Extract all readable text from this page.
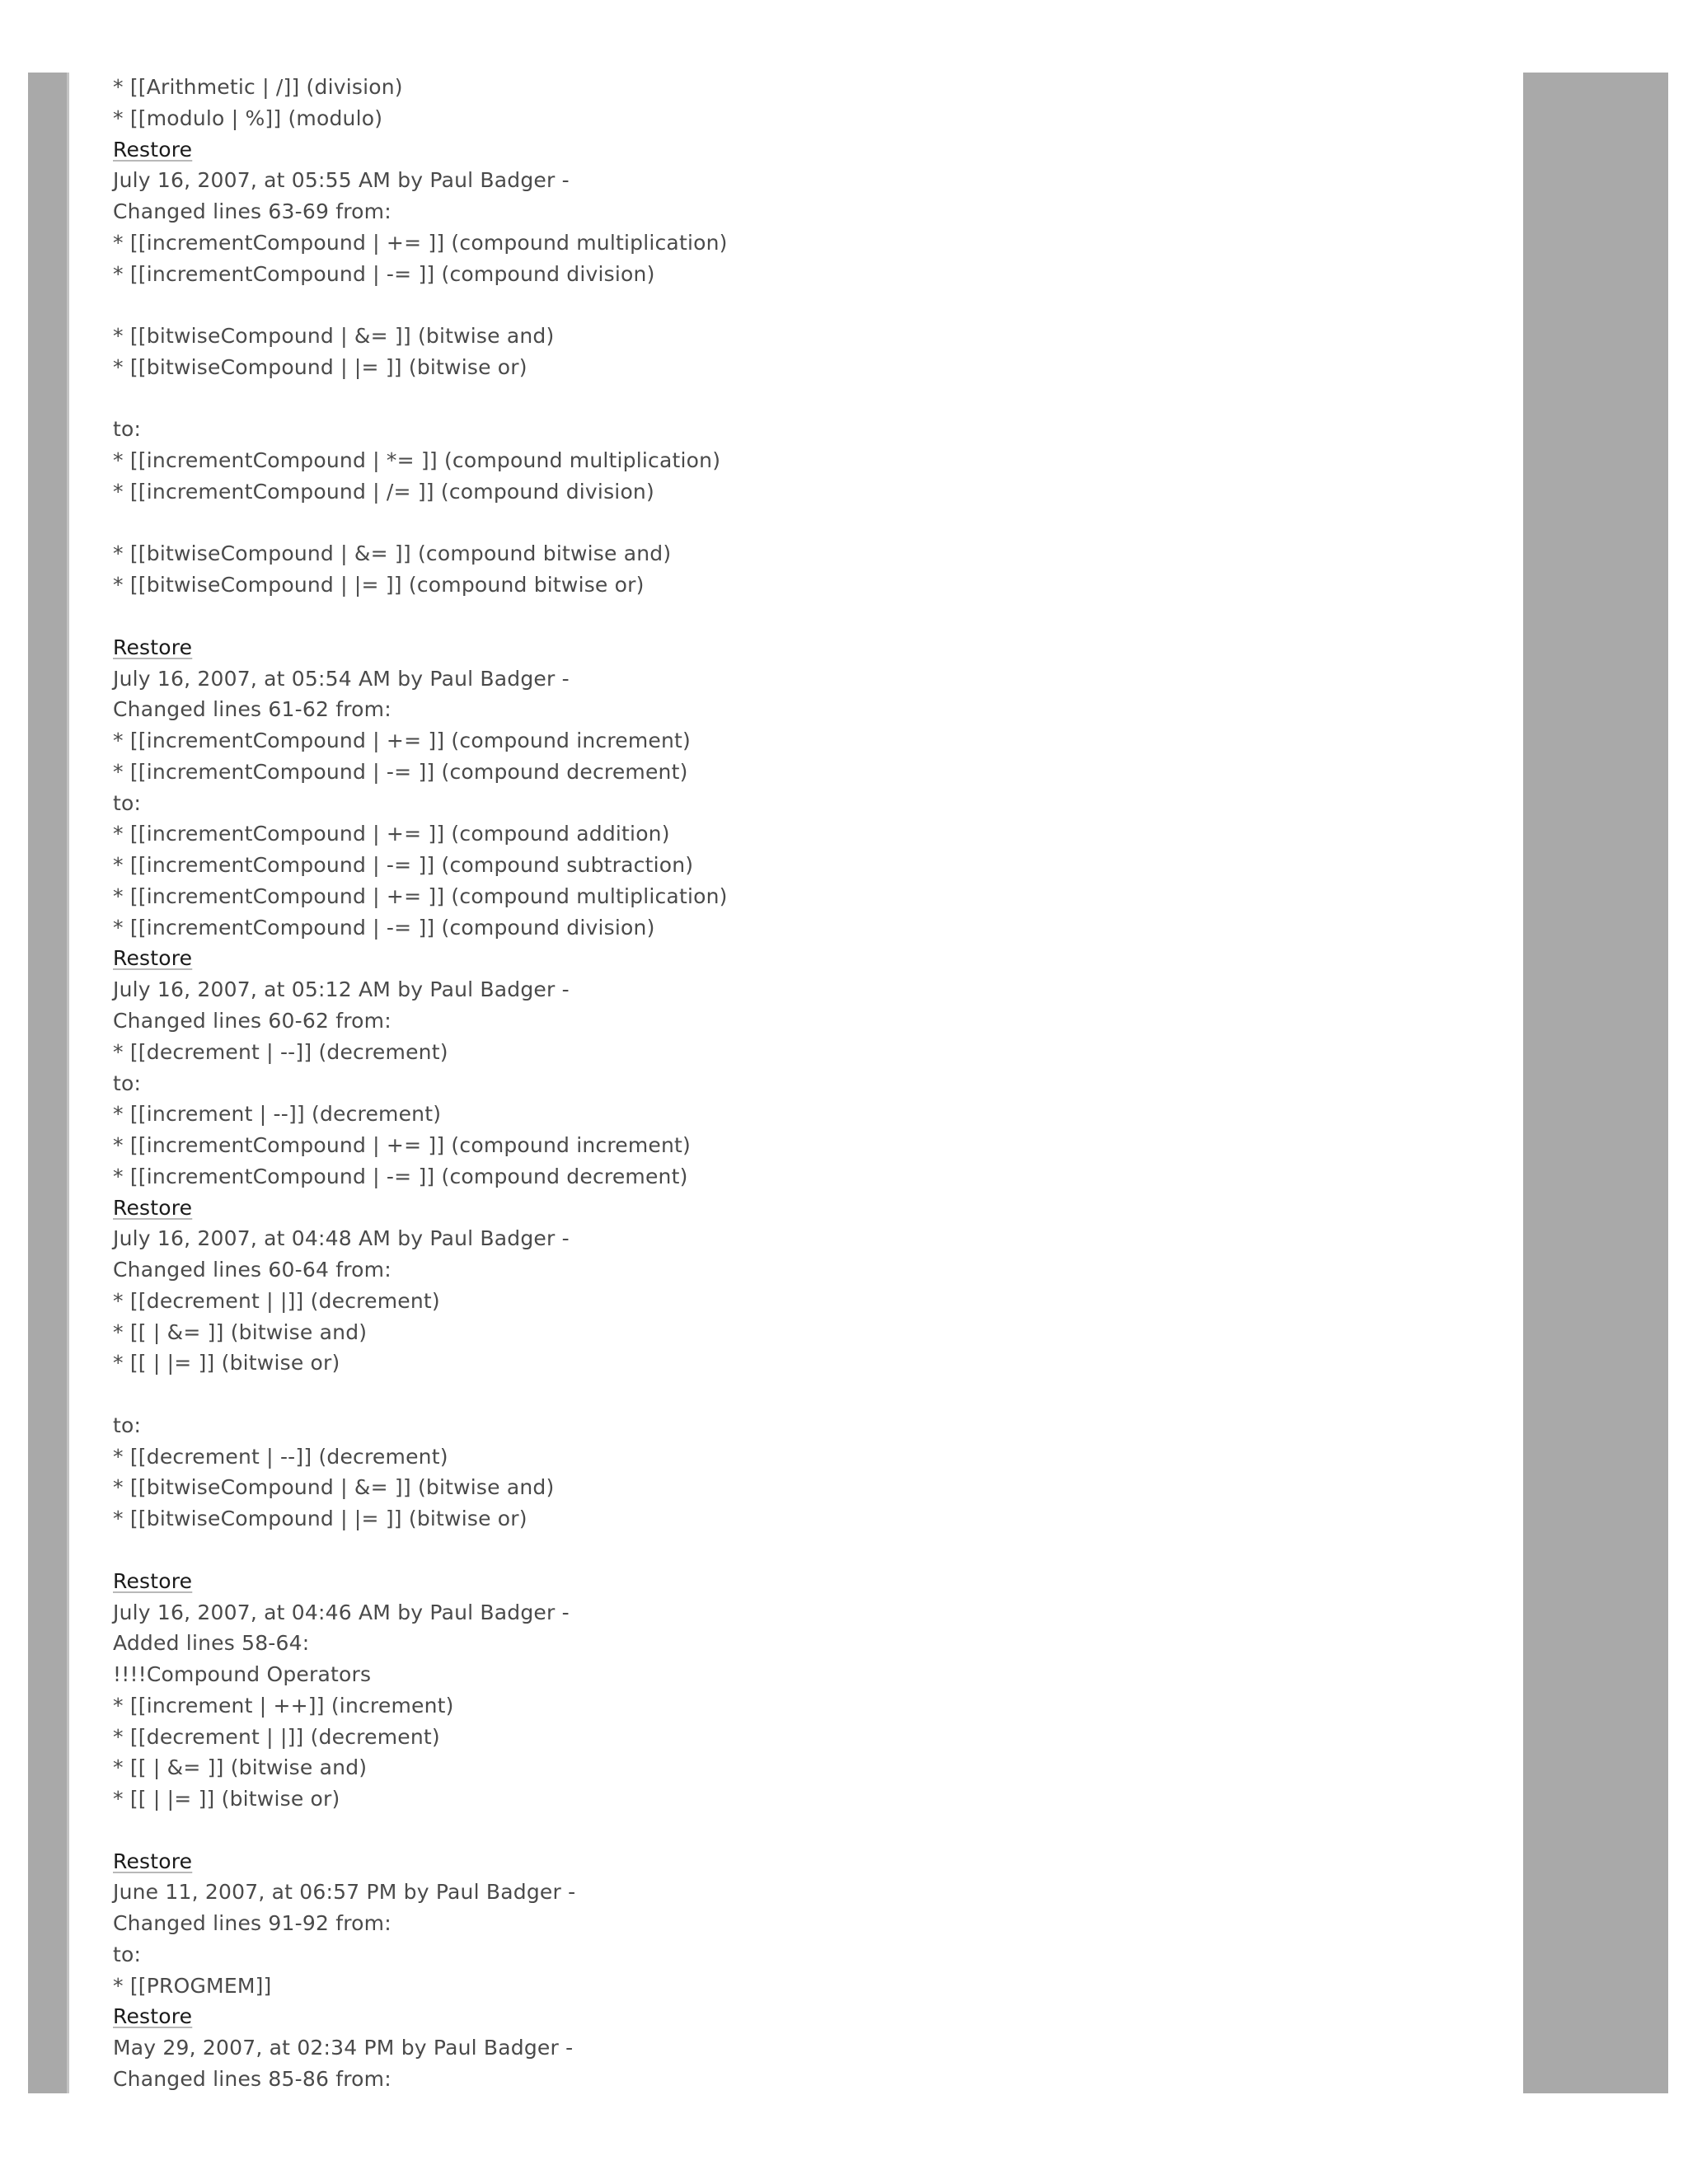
* [[Arithmetic | /]] (division)
* [[modulo | %]] (modulo)
Restore
July 16, 2007, at 05:55 AM by Paul Badger -
Changed lines 63-69 from:
* [[incrementCompound | += ]] (compound multiplication)
* [[incrementCompound | -= ]] (compound division)
* [[bitwiseCompound | &= ]] (bitwise and)
* [[bitwiseCompound | |= ]] (bitwise or)
to:
* [[incrementCompound | *= ]] (compound multiplication)
* [[incrementCompound | /= ]] (compound division)
* [[bitwiseCompound | &= ]] (compound bitwise and)
* [[bitwiseCompound | |= ]] (compound bitwise or)
Restore
July 16, 2007, at 05:54 AM by Paul Badger -
Changed lines 61-62 from:
* [[incrementCompound | += ]] (compound increment)
* [[incrementCompound | -= ]] (compound decrement)
to:
* [[incrementCompound | += ]] (compound addition)
* [[incrementCompound | -= ]] (compound subtraction)
* [[incrementCompound | += ]] (compound multiplication)
* [[incrementCompound | -= ]] (compound division)
Restore
July 16, 2007, at 05:12 AM by Paul Badger -
Changed lines 60-62 from:
* [[decrement | --]] (decrement)
to:
* [[increment | --]] (decrement)
* [[incrementCompound | += ]] (compound increment)
* [[incrementCompound | -= ]] (compound decrement)
Restore
July 16, 2007, at 04:48 AM by Paul Badger -
Changed lines 60-64 from:
* [[decrement | |]] (decrement)
* [[ | &= ]] (bitwise and)
* [[ | |= ]] (bitwise or)
to:
* [[decrement | --]] (decrement)
* [[bitwiseCompound | &= ]] (bitwise and)
* [[bitwiseCompound | |= ]] (bitwise or)
Restore
July 16, 2007, at 04:46 AM by Paul Badger -
Added lines 58-64:
!!!!Compound Operators
* [[increment | ++]] (increment)
* [[decrement | |]] (decrement)
* [[ | &= ]] (bitwise and)
* [[ | |= ]] (bitwise or)
Restore
June 11, 2007, at 06:57 PM by Paul Badger -
Changed lines 91-92 from:
to:
* [[PROGMEM]]
Restore
May 29, 2007, at 02:34 PM by Paul Badger -
Changed lines 85-86 from:
